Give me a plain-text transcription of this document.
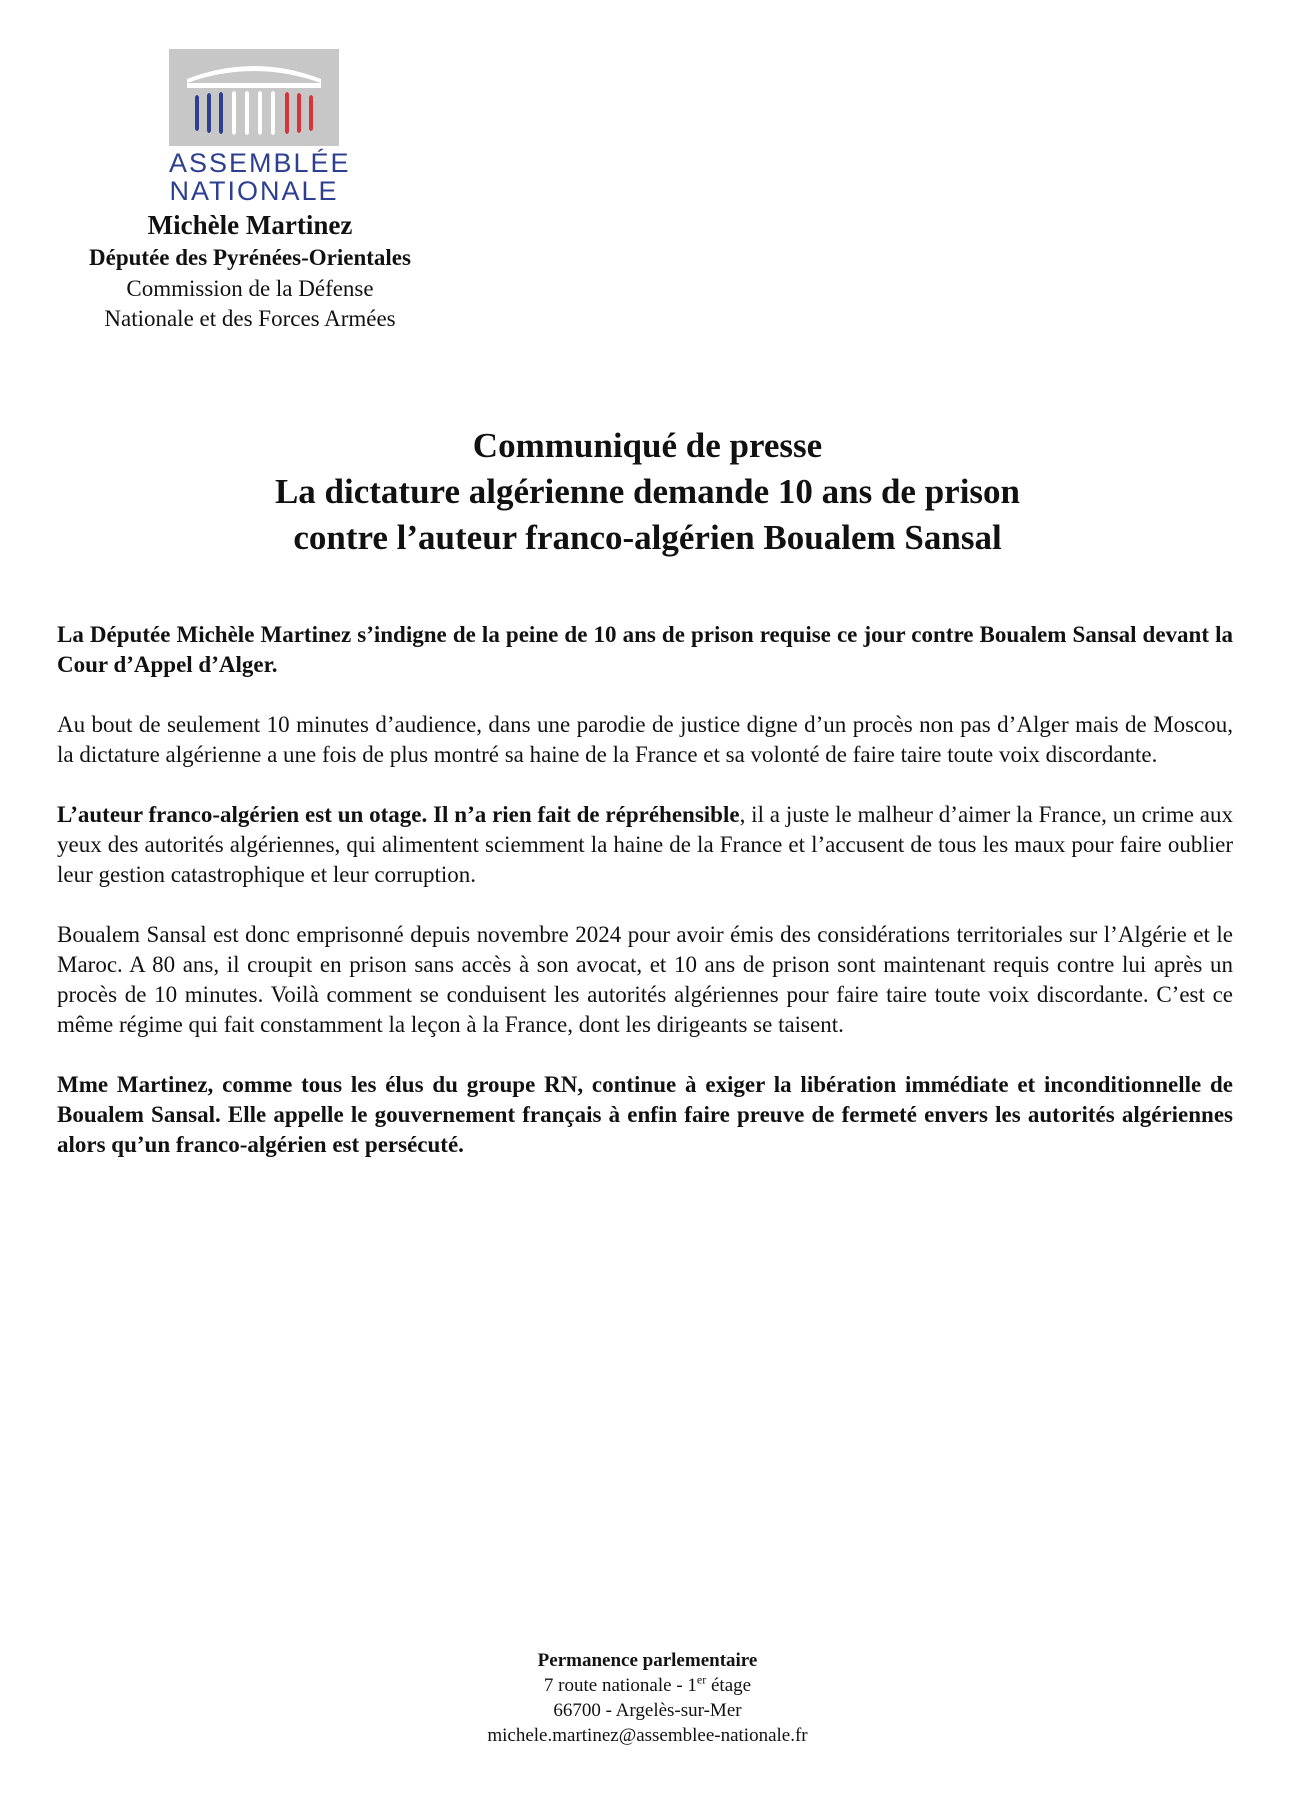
ASSEMBLÉE
NATIONALE
Michèle Martinez
Députée des Pyrénées-Orientales
Commission de la Défense
Nationale et des Forces Armées
Communiqué de presse
La dictature algérienne demande 10 ans de prison
contre l’auteur franco-algérien Boualem Sansal

La Députée Michèle Martinez s’indigne de la peine de 10 ans de prison requise ce jour contre Boualem Sansal devant la Cour d’Appel d’Alger.

Au bout de seulement 10 minutes d’audience, dans une parodie de justice digne d’un procès non pas d’Alger mais de Moscou, la dictature algérienne a une fois de plus montré sa haine de la France et sa volonté de faire taire toute voix discordante.

L’auteur franco-algérien est un otage. Il n’a rien fait de répréhensible, il a juste le malheur d’aimer la France, un crime aux yeux des autorités algériennes, qui alimentent sciemment la haine de la France et l’accusent de tous les maux pour faire oublier leur gestion catastrophique et leur corruption.

Boualem Sansal est donc emprisonné depuis novembre 2024 pour avoir émis des considérations territoriales sur l’Algérie et le Maroc. A 80 ans, il croupit en prison sans accès à son avocat, et 10 ans de prison sont maintenant requis contre lui après un procès de 10 minutes. Voilà comment se conduisent les autorités algériennes pour faire taire toute voix discordante. C’est ce même régime qui fait constamment la leçon à la France, dont les dirigeants se taisent.

Mme Martinez, comme tous les élus du groupe RN, continue à exiger la libération immédiate et inconditionnelle de Boualem Sansal. Elle appelle le gouvernement français à enfin faire preuve de fermeté envers les autorités algériennes alors qu’un franco-algérien est persécuté.

Permanence parlementaire
7 route nationale - 1er étage
66700 - Argelès-sur-Mer
michele.martinez@assemblee-nationale.fr
